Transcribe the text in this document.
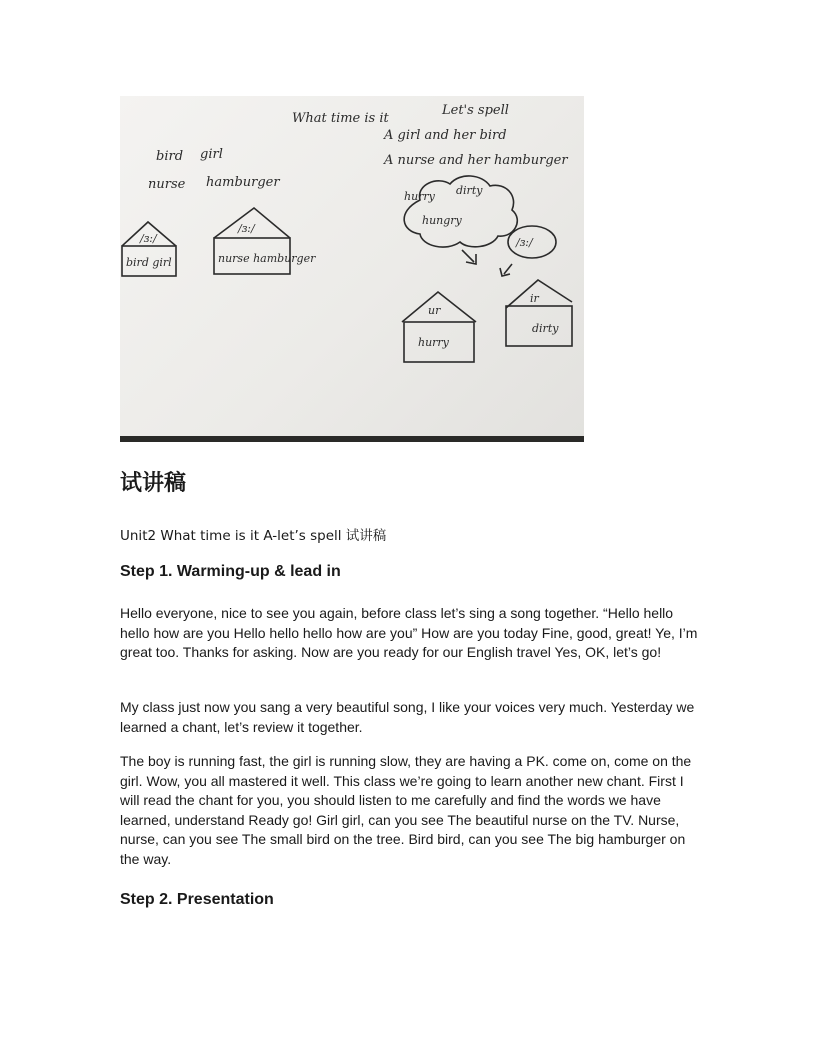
What time is it
Let's spell
A girl and her bird
A nurse and her hamburger
bird girl
nurse hamburger
/ɜ:/
bird girl
/ɜ:/
nurse hamburger
hurry dirty
hungry
/ɜ:/
ur
hurry
ir
dirty
试讲稿

Unit2 What time is it A-let’s spell 试讲稿

Step 1. Warming-up & lead in

Hello everyone, nice to see you again, before class let’s sing a song together. “Hello hello hello how are you Hello hello hello how are you” How are you today Fine, good, great! Ye, I’m great too. Thanks for asking. Now are you ready for our English travel Yes, OK, let’s go!

My class just now you sang a very beautiful song, I like your voices very much. Yesterday we learned a chant, let’s review it together.

The boy is running fast, the girl is running slow, they are having a PK. come on, come on the girl. Wow, you all mastered it well. This class we’re going to learn another new chant. First I will read the chant for you, you should listen to me carefully and find the words we have learned, understand Ready go! Girl girl, can you see The beautiful nurse on the TV. Nurse, nurse, can you see The small bird on the tree. Bird bird, can you see The big hamburger on the way.

Step 2. Presentation
